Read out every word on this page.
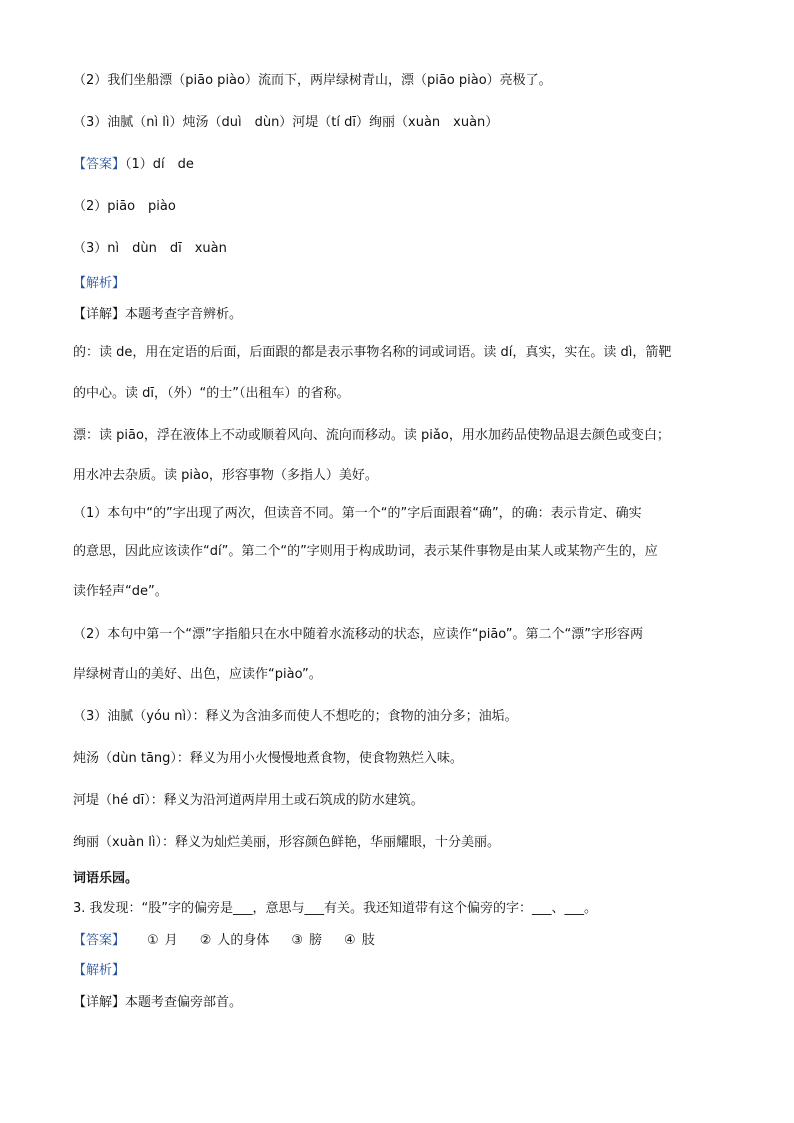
（2）我们坐船漂（piāo piào）流而下，两岸绿树青山，漂（piāo piào）亮极了。
（3）油腻（nì lì）炖汤（duì　dùn）河堤（tí dī）绚丽（xuàn　xuàn）
【答案】（1）dí　de
（2）piāo　piào
（3）nì　dùn　dī　xuàn
【解析】
【详解】本题考查字音辨析。
的：读 de，用在定语的后面，后面跟的都是表示事物名称的词或词语。读 dí，真实，实在。读 dì，箭靶
的中心。读 dī，（外）“的士”（出租车）的省称。
漂：读 piāo，浮在液体上不动或顺着风向、流向而移动。读 piǎo，用水加药品使物品退去颜色或变白；
用水冲去杂质。读 piào，形容事物（多指人）美好。
（1）本句中“的”字出现了两次，但读音不同。第一个“的”字后面跟着“确”，的确：表示肯定、确实
的意思，因此应该读作“dí”。第二个“的”字则用于构成助词，表示某件事物是由某人或某物产生的，应
读作轻声“de”。
（2）本句中第一个“漂”字指船只在水中随着水流移动的状态，应读作“piāo”。第二个“漂”字形容两
岸绿树青山的美好、出色，应读作“piào”。
（3）油腻（yóu nì）：释义为含油多而使人不想吃的；食物的油分多；油垢。
炖汤（dùn tāng）：释义为用小火慢慢地煮食物，使食物熟烂入味。
河堤（hé dī）：释义为沿河道两岸用土或石筑成的防水建筑。
绚丽（xuàn lì）：释义为灿烂美丽，形容颜色鲜艳，华丽耀眼，十分美丽。
词语乐园。
3. 我发现：“股”字的偏旁是___，意思与___有关。我还知道带有这个偏旁的字：___、___。
【答案】 ① 月 ② 人的身体 ③ 膀 ④ 肢
【解析】
【详解】本题考查偏旁部首。
